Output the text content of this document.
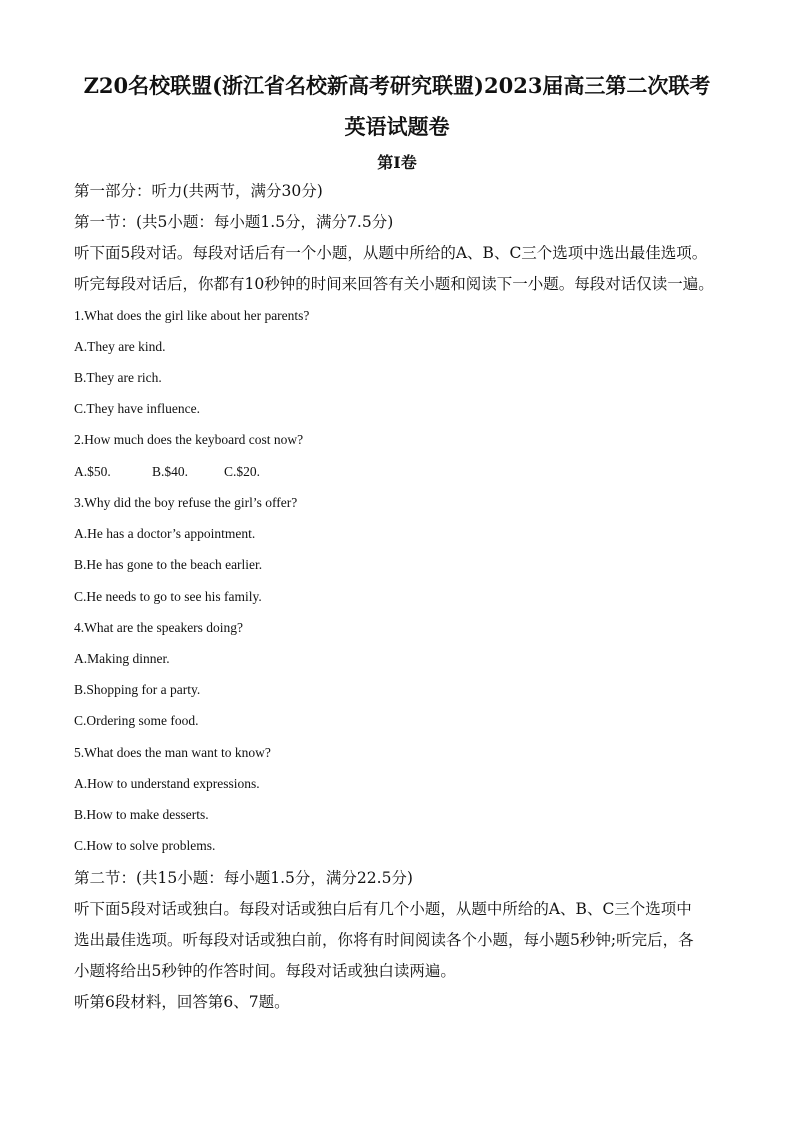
Z20名校联盟(浙江省名校新高考研究联盟)2023届高三第二次联考
英语试题卷
第I卷
第一部分：听力(共两节，满分30分)
第一节：(共5小题：每小题1.5分，满分7.5分)
听下面5段对话。每段对话后有一个小题，从题中所给的A、B、C三个选项中选出最佳选项。
听完每段对话后，你都有10秒钟的时间来回答有关小题和阅读下一小题。每段对话仅读一遍。
1.What does the girl like about her parents?
A.They are kind.
B.They are rich.
C.They have influence.
2.How much does the keyboard cost now?
A.$50.	B.$40.	C.$20.
3.Why did the boy refuse the girl’s offer?
A.He has a doctor’s appointment.
B.He has gone to the beach earlier.
C.He needs to go to see his family.
4.What are the speakers doing?
A.Making dinner.
B.Shopping for a party.
C.Ordering some food.
5.What does the man want to know?
A.How to understand expressions.
B.How to make desserts.
C.How to solve problems.
第二节：(共15小题：每小题1.5分，满分22.5分)
听下面5段对话或独白。每段对话或独白后有几个小题，从题中所给的A、B、C三个选项中
选出最佳选项。听每段对话或独白前，你将有时间阅读各个小题，每小题5秒钟;听完后，各
小题将给出5秒钟的作答时间。每段对话或独白读两遍。
听第6段材料，回答第6、7题。
